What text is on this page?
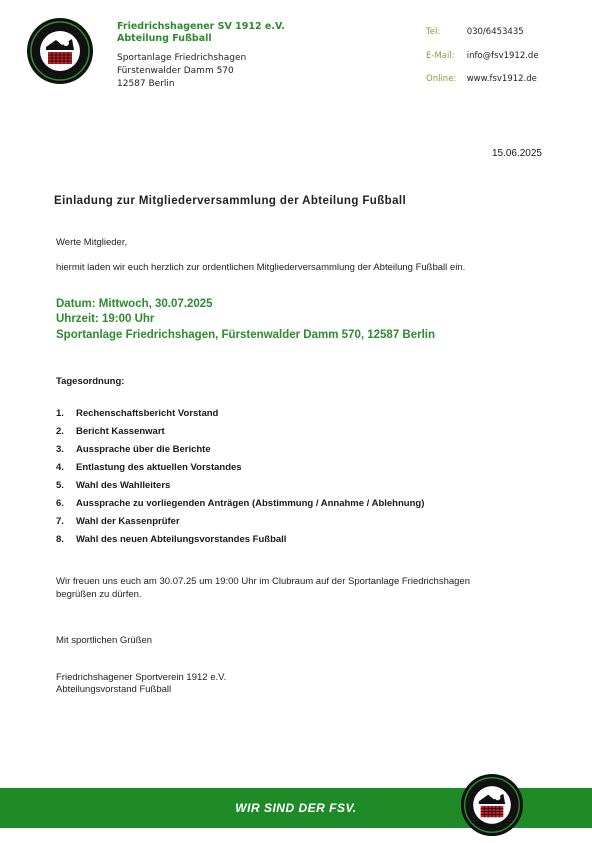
Friedrichshagener SV 1912 e.V.
Abteilung Fußball
Sportanlage Friedrichshagen
Fürstenwalder Damm 570
12587 Berlin
Tel:	030/6453435
E-Mail: info@fsv1912.de
Online: www.fsv1912.de
15.06.2025
Einladung zur Mitgliederversammlung der Abteilung Fußball
Werte Mitglieder,
hiermit laden wir euch herzlich zur ordentlichen Mitgliederversammlung der Abteilung Fußball ein.
Datum: Mittwoch, 30.07.2025
Uhrzeit: 19:00 Uhr
Sportanlage Friedrichshagen, Fürstenwalder Damm 570, 12587 Berlin
Tagesordnung:
1.	Rechenschaftsbericht Vorstand
2.	Bericht Kassenwart
3.	Aussprache über die Berichte
4.	Entlastung des aktuellen Vorstandes
5.	Wahl des Wahlleiters
6.	Aussprache zu vorliegenden Anträgen (Abstimmung / Annahme / Ablehnung)
7.	Wahl der Kassenprüfer
8.	Wahl des neuen Abteilungsvorstandes Fußball
Wir freuen uns euch am 30.07.25 um 19:00 Uhr im Clubraum auf der Sportanlage Friedrichshagen
begrüßen zu dürfen.
Mit sportlichen Grüßen
Friedrichshagener Sportverein 1912 e.V.
Abteilungsvorstand Fußball
WIR SIND DER FSV.
